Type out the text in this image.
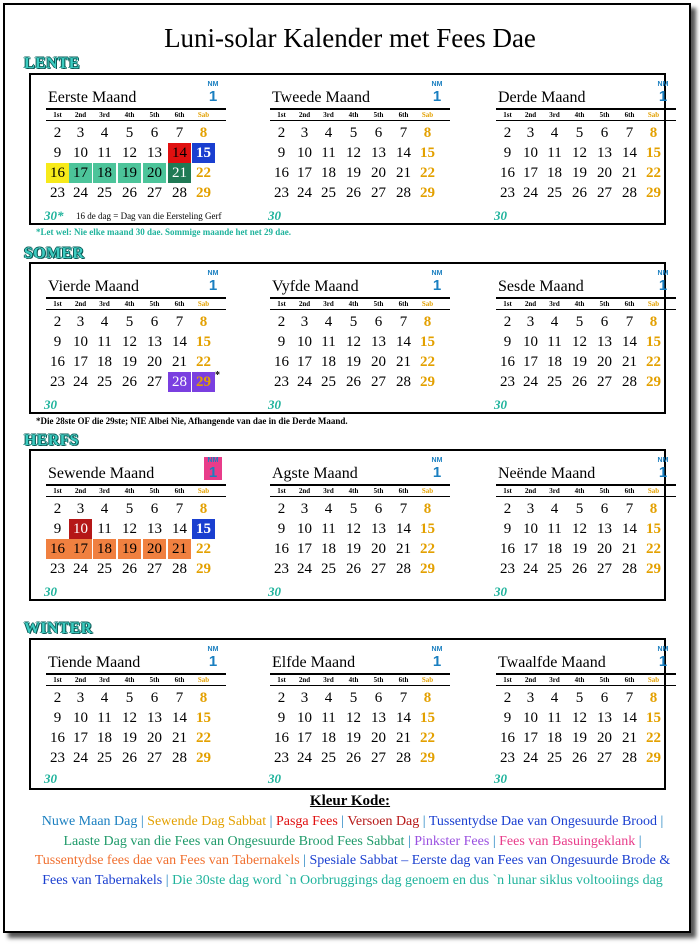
Luni-solar Kalender met Fees Dae
LENTE
Eerste Maand
NM
1
1st	2nd	3rd	4th	5th	6th	Sab
2	3	4	5	6	7	8
9 10 11 12 13 14 15
16 17 18 19 20 21 22
23 24 25 26 27 28 29
30* 16 de dag = Dag van die Eersteling Gerf
Tweede Maand
NM
1
1st	2nd	3rd	4th	5th	6th	Sab
2	3	4	5	6	7	8
9 10 11 12 13 14 15
16 17 18 19 20 21 22
23 24 25 26 27 28 29
30
Derde Maand
NM
1
1st	2nd	3rd	4th	5th	6th	Sab
2	3	4	5	6	7	8
9 10 11 12 13 14 15
16 17 18 19 20 21 22
23 24 25 26 27 28 29
30
*Let wel: Nie elke maand 30 dae. Sommige maande het net 29 dae.
SOMER
Vierde Maand
NM
1
1st	2nd	3rd	4th	5th	6th	Sab
2	3	4	5	6	7	8
9 10 11 12 13 14 15
16 17 18 19 20 21 22
23 24 25 26 27 28 29
30
*
Vyfde Maand
NM
1
1st	2nd	3rd	4th	5th	6th	Sab
2	3	4	5	6	7	8
9 10 11 12 13 14 15
16 17 18 19 20 21 22
23 24 25 26 27 28 29
30
Sesde Maand
NM
1
1st	2nd	3rd	4th	5th	6th	Sab
2	3	4	5	6	7	8
9 10 11 12 13 14 15
16 17 18 19 20 21 22
23 24 25 26 27 28 29
30
*Die 28ste OF die 29ste; NIE Albei Nie, Afhangende van dae in die Derde Maand.
HERFS
Sewende Maand
NM
1
1st	2nd	3rd	4th	5th	6th	Sab
2	3	4	5	6	7	8
9 10 11 12 13 14 15
16 17 18 19 20 21 22
23 24 25 26 27 28 29
30
Agste Maand
NM
1
1st	2nd	3rd	4th	5th	6th	Sab
2	3	4	5	6	7	8
9 10 11 12 13 14 15
16 17 18 19 20 21 22
23 24 25 26 27 28 29
30
Neënde Maand
NM
1
1st	2nd	3rd	4th	5th	6th	Sab
2	3	4	5	6	7	8
9 10 11 12 13 14 15
16 17 18 19 20 21 22
23 24 25 26 27 28 29
30
WINTER
Tiende Maand
NM
1
1st	2nd	3rd	4th	5th	6th	Sab
2	3	4	5	6	7	8
9 10 11 12 13 14 15
16 17 18 19 20 21 22
23 24 25 26 27 28 29
30
Elfde Maand
NM
1
1st	2nd	3rd	4th	5th	6th	Sab
2	3	4	5	6	7	8
9 10 11 12 13 14 15
16 17 18 19 20 21 22
23 24 25 26 27 28 29
30
Twaalfde Maand
NM
1
1st	2nd	3rd	4th	5th	6th	Sab
2	3	4	5	6	7	8
9 10 11 12 13 14 15
16 17 18 19 20 21 22
23 24 25 26 27 28 29
30
Kleur Kode:
Nuwe Maan Dag | Sewende Dag Sabbat | Pasga Fees | Versoen Dag | Tussentydse Dae van Ongesuurde Brood | Laaste Dag van die Fees van Ongesuurde Brood Fees Sabbat | Pinkster Fees | Fees van Basuingeklank | Tussentydse fees dae van Fees van Tabernakels | Spesiale Sabbat – Eerste dag van Fees van Ongesuurde Brode & Fees van Tabernakels | Die 30ste dag word `n Oorbruggings dag genoem en dus `n lunar siklus voltooiings dag
